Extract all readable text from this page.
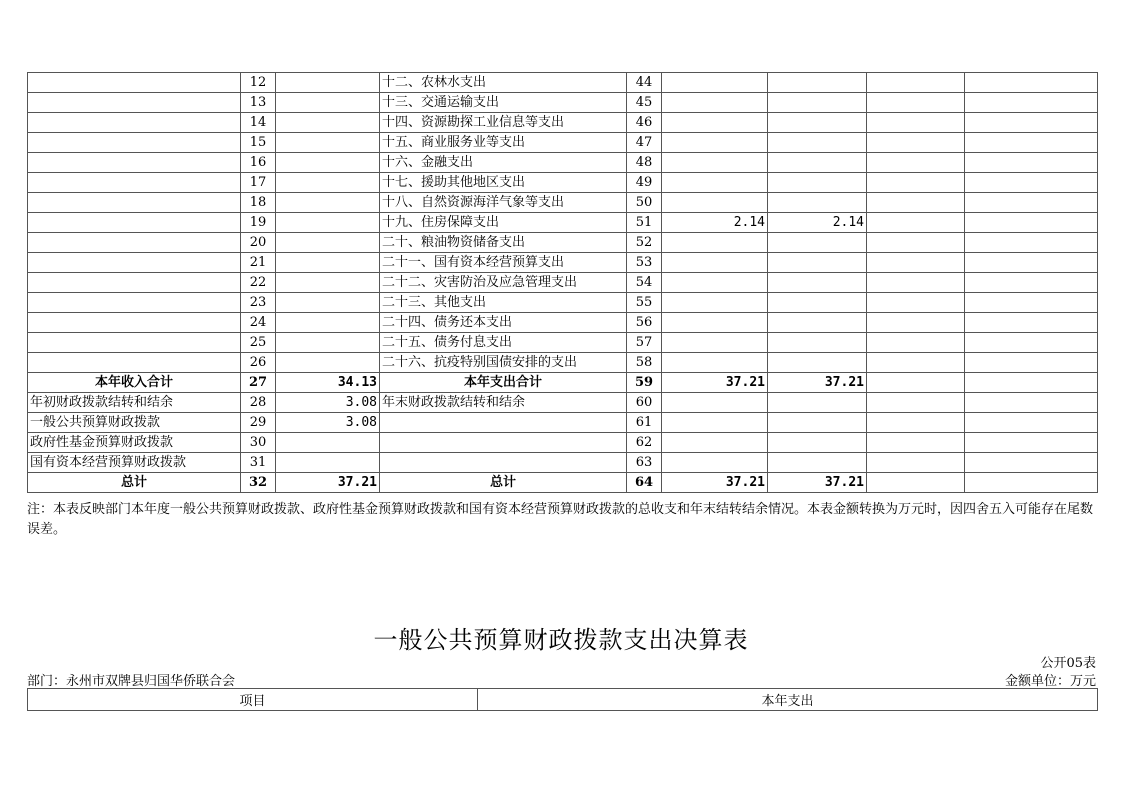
	12		十二、农林水支出	44				
	13		十三、交通运输支出	45				
	14		十四、资源勘探工业信息等支出	46				
	15		十五、商业服务业等支出	47				
	16		十六、金融支出	48				
	17		十七、援助其他地区支出	49				
	18		十八、自然资源海洋气象等支出	50				
	19		十九、住房保障支出	51	2.14	2.14		
	20		二十、粮油物资储备支出	52				
	21		二十一、国有资本经营预算支出	53				
	22		二十二、灾害防治及应急管理支出	54				
	23		二十三、其他支出	55				
	24		二十四、债务还本支出	56				
	25		二十五、债务付息支出	57				
	26		二十六、抗疫特别国债安排的支出	58				
本年收入合计	27	34.13	本年支出合计	59	37.21	37.21		
年初财政拨款结转和结余	28	3.08	年末财政拨款结转和结余	60				
一般公共预算财政拨款	29	3.08		61				
政府性基金预算财政拨款	30			62				
国有资本经营预算财政拨款	31			63				
总计	32	37.21	总计	64	37.21	37.21		
注：本表反映部门本年度一般公共预算财政拨款、政府性基金预算财政拨款和国有资本经营预算财政拨款的总收支和年末结转结余情况。本表金额转换为万元时，因四舍五入可能存在尾数误差。
一般公共预算财政拨款支出决算表
公开05表
部门：永州市双牌县归国华侨联合会	金额单位：万元
项目	本年支出
